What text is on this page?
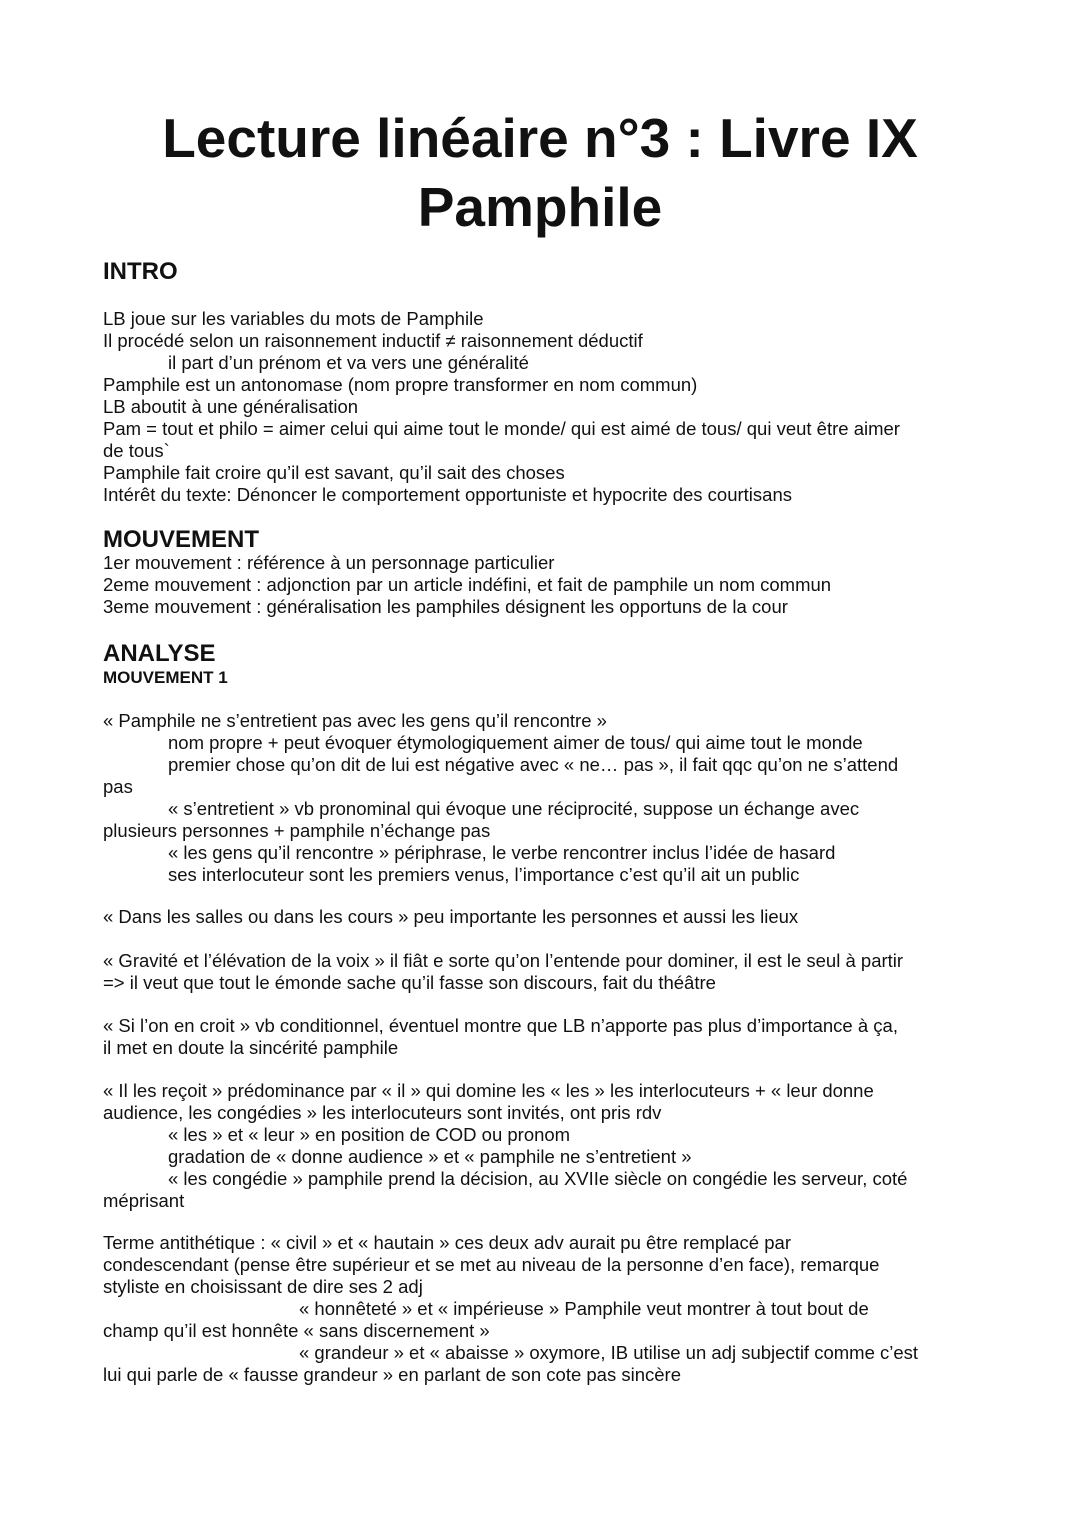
Lecture linéaire n°3 : Livre IX
Pamphile
INTRO
LB joue sur les variables du mots de Pamphile
Il procédé selon un raisonnement inductif ≠ raisonnement déductif
il part d’un prénom et va vers une généralité
Pamphile est un antonomase (nom propre transformer en nom commun)
LB aboutit à une généralisation
Pam = tout et philo = aimer celui qui aime tout le monde/ qui est aimé de tous/ qui veut être aimer
de tous`
Pamphile fait croire qu’il est savant, qu’il sait des choses
Intérêt du texte: Dénoncer le comportement opportuniste et hypocrite des courtisans
MOUVEMENT
1er mouvement : référence à un personnage particulier
2eme mouvement : adjonction par un article indéfini, et fait de pamphile un nom commun
3eme mouvement : généralisation les pamphiles désignent les opportuns de la cour
ANALYSE
MOUVEMENT 1
« Pamphile ne s’entretient pas avec les gens qu’il rencontre »
nom propre + peut évoquer étymologiquement aimer de tous/ qui aime tout le monde
premier chose qu’on dit de lui est négative avec « ne… pas », il fait qqc qu’on ne s’attend
pas
« s’entretient » vb pronominal qui évoque une réciprocité, suppose un échange avec
plusieurs personnes + pamphile n’échange pas
« les gens qu’il rencontre » périphrase, le verbe rencontrer inclus l’idée de hasard
ses interlocuteur sont les premiers venus, l’importance c’est qu’il ait un public
« Dans les salles ou dans les cours » peu importante les personnes et aussi les lieux
« Gravité et l’élévation de la voix » il fiât e sorte qu’on l’entende pour dominer, il est le seul à partir
=> il veut que tout le émonde sache qu’il fasse son discours, fait du théâtre
« Si l’on en croit » vb conditionnel, éventuel montre que LB n’apporte pas plus d’importance à ça,
il met en doute la sincérité pamphile
« Il les reçoit » prédominance par « il » qui domine les « les » les interlocuteurs + « leur donne
audience, les congédies » les interlocuteurs sont invités, ont pris rdv
« les » et « leur » en position de COD ou pronom
gradation de « donne audience » et « pamphile ne s’entretient »
« les congédie » pamphile prend la décision, au XVIIe siècle on congédie les serveur, coté
méprisant
Terme antithétique : « civil » et « hautain » ces deux adv aurait pu être remplacé par
condescendant (pense être supérieur et se met au niveau de la personne d’en face), remarque
styliste en choisissant de dire ses 2 adj
« honnêteté » et « impérieuse » Pamphile veut montrer à tout bout de
champ qu’il est honnête « sans discernement »
« grandeur » et « abaisse » oxymore, IB utilise un adj subjectif comme c’est
lui qui parle de « fausse grandeur » en parlant de son cote pas sincère
